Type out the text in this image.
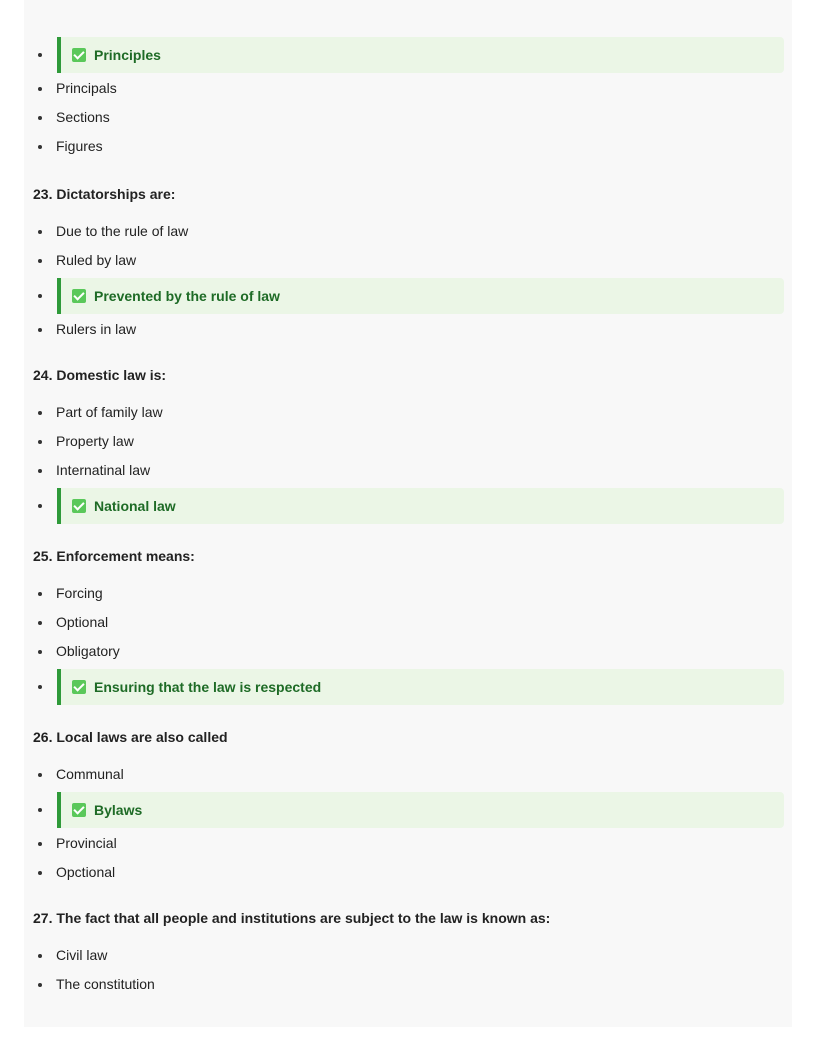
Principles
Principals
Sections
Figures
23. Dictatorships are:
Due to the rule of law
Ruled by law
Prevented by the rule of law
Rulers in law
24. Domestic law is:
Part of family law
Property law
Internatinal law
National law
25. Enforcement means:
Forcing
Optional
Obligatory
Ensuring that the law is respected
26. Local laws are also called
Communal
Bylaws
Provincial
Opctional
27. The fact that all people and institutions are subject to the law is known as:
Civil law
The constitution
